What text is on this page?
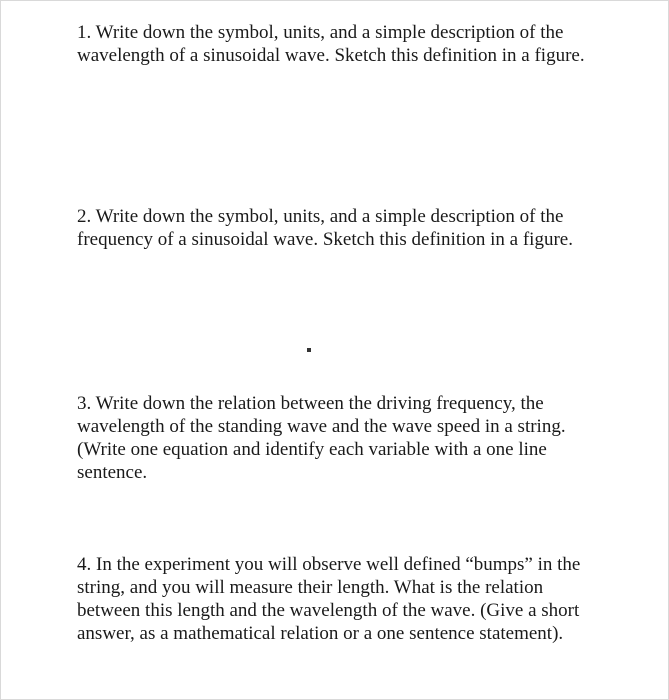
1. Write down the symbol, units, and a simple description of the wavelength of a sinusoidal wave. Sketch this definition in a figure.

2. Write down the symbol, units, and a simple description of the frequency of a sinusoidal wave. Sketch this definition in a figure.

3. Write down the relation between the driving frequency, the wavelength of the standing wave and the wave speed in a string. (Write one equation and identify each variable with a one line sentence.

4. In the experiment you will observe well defined “bumps” in the string, and you will measure their length. What is the relation between this length and the wavelength of the wave. (Give a short answer, as a mathematical relation or a one sentence statement).
